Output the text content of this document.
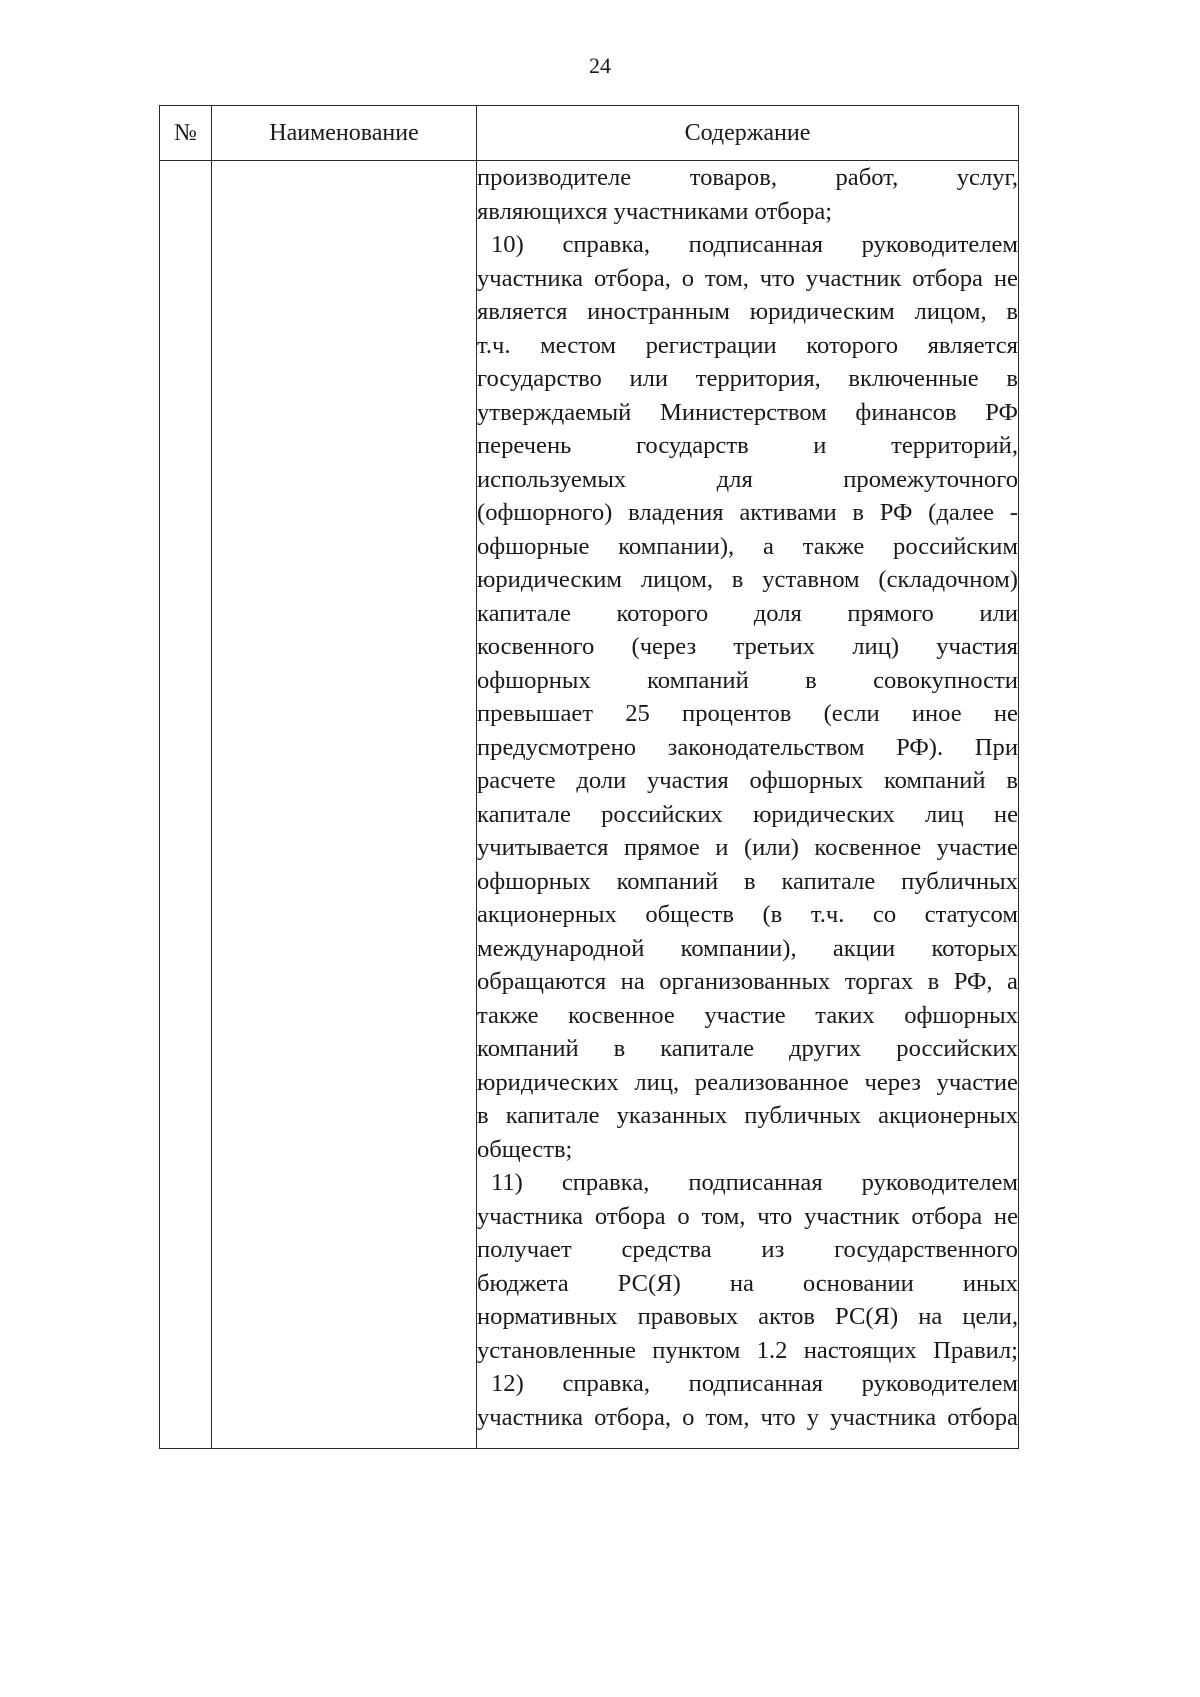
24
№	Наименование	Содержание

производителе товаров, работ, услуг,
являющихся участниками отбора;
10) справка, подписанная руководителем
участника отбора, о том, что участник отбора не
является иностранным юридическим лицом, в
т.ч. местом регистрации которого является
государство или территория, включенные в
утверждаемый Министерством финансов РФ
перечень	государств	и	территорий,
используемых	для	промежуточного
(офшорного) владения активами в РФ (далее -
офшорные компании), а также российским
юридическим лицом, в уставном (складочном)
капитале которого доля прямого или
косвенного (через третьих лиц) участия
офшорных компаний в совокупности
превышает 25 процентов (если иное не
предусмотрено законодательством РФ). При
расчете доли участия офшорных компаний в
капитале российских юридических лиц не
учитывается прямое и (или) косвенное участие
офшорных компаний в капитале публичных
акционерных обществ (в т.ч. со статусом
международной компании), акции которых
обращаются на организованных торгах в РФ, а
также косвенное участие таких офшорных
компаний в капитале других российских
юридических лиц, реализованное через участие
в капитале указанных публичных акционерных
обществ;
11) справка, подписанная руководителем
участника отбора о том, что участник отбора не
получает средства из государственного
бюджета РС(Я) на основании иных
нормативных правовых актов РС(Я) на цели,
установленные пунктом 1.2 настоящих Правил;
12) справка, подписанная руководителем
участника отбора, о том, что у участника отбора
